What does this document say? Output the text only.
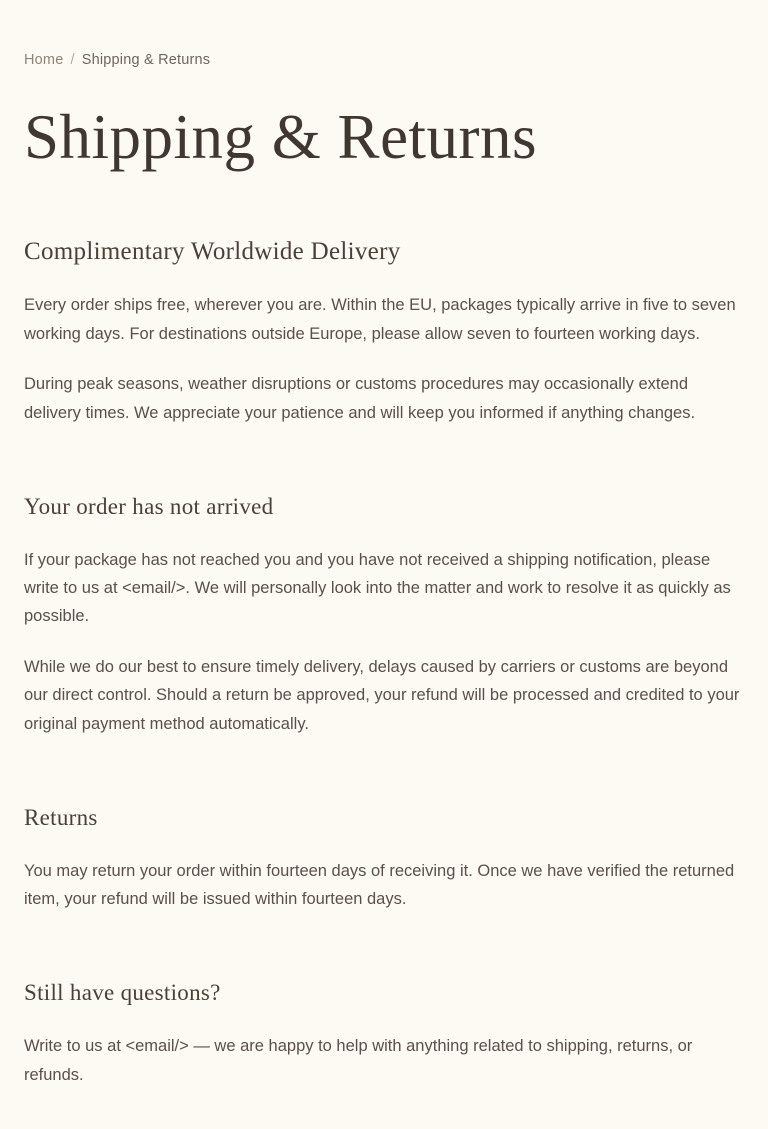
Home / Shipping & Returns
Shipping & Returns
Complimentary Worldwide Delivery

Every order ships free, wherever you are. Within the EU, packages typically arrive in five to seven working days. For destinations outside Europe, please allow seven to fourteen working days.

During peak seasons, weather disruptions or customs procedures may occasionally extend delivery times. We appreciate your patience and will keep you informed if anything changes.

Your order has not arrived

If your package has not reached you and you have not received a shipping notification, please write to us at <email/>. We will personally look into the matter and work to resolve it as quickly as possible.

While we do our best to ensure timely delivery, delays caused by carriers or customs are beyond our direct control. Should a return be approved, your refund will be processed and credited to your original payment method automatically.

Returns

You may return your order within fourteen days of receiving it. Once we have verified the returned item, your refund will be issued within fourteen days.

Still have questions?

Write to us at <email/> — we are happy to help with anything related to shipping, returns, or refunds.
